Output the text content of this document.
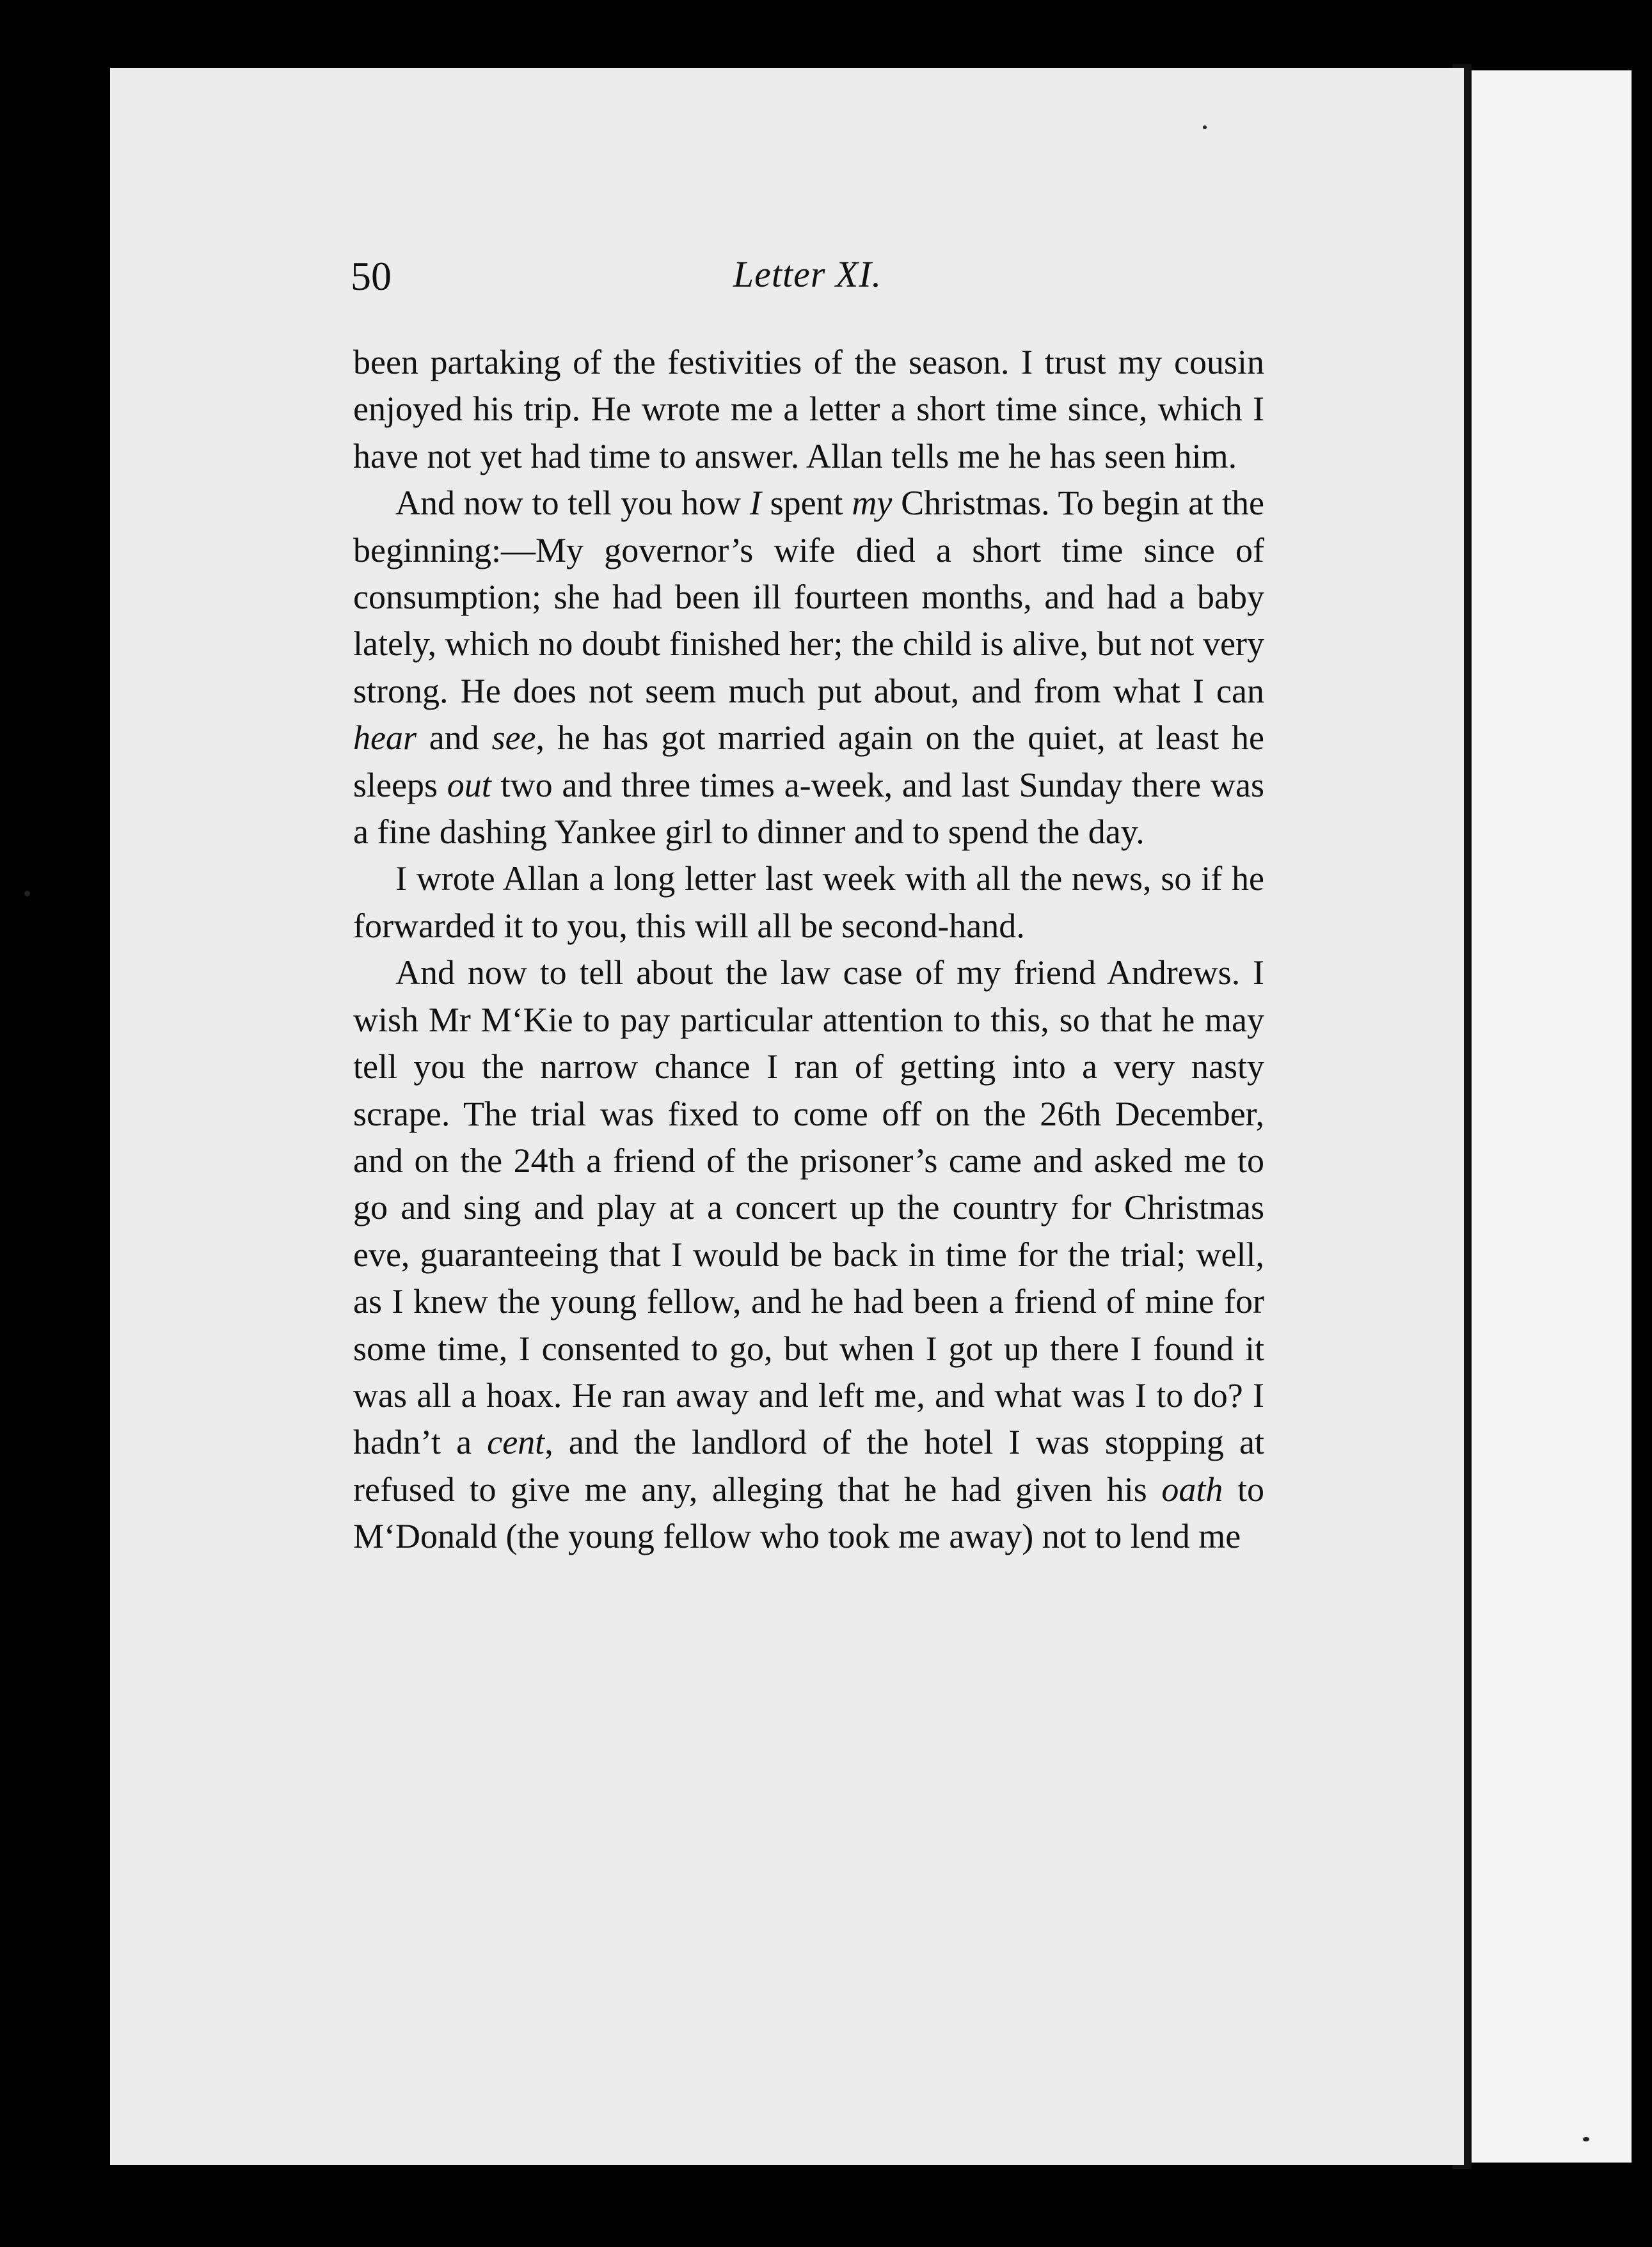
50	Letter XI.

been partaking of the festivities of the season. I trust my cousin enjoyed his trip. He wrote me a letter a short time since, which I have not yet had time to answer. Allan tells me he has seen him.

And now to tell you how I spent my Christmas. To begin at the beginning:—My governor’s wife died a short time since of consumption; she had been ill fourteen months, and had a baby lately, which no doubt finished her; the child is alive, but not very strong. He does not seem much put about, and from what I can hear and see, he has got married again on the quiet, at least he sleeps out two and three times a-week, and last Sunday there was a fine dashing Yankee girl to dinner and to spend the day.

I wrote Allan a long letter last week with all the news, so if he forwarded it to you, this will all be second-hand.

And now to tell about the law case of my friend Andrews. I wish Mr M‘Kie to pay particular attention to this, so that he may tell you the narrow chance I ran of getting into a very nasty scrape. The trial was fixed to come off on the 26th December, and on the 24th a friend of the prisoner’s came and asked me to go and sing and play at a concert up the country for Christmas eve, guaranteeing that I would be back in time for the trial; well, as I knew the young fellow, and he had been a friend of mine for some time, I consented to go, but when I got up there I found it was all a hoax. He ran away and left me, and what was I to do? I hadn’t a cent, and the landlord of the hotel I was stopping at refused to give me any, alleging that he had given his oath to M‘Donald (the young fellow who took me away) not to lend me
